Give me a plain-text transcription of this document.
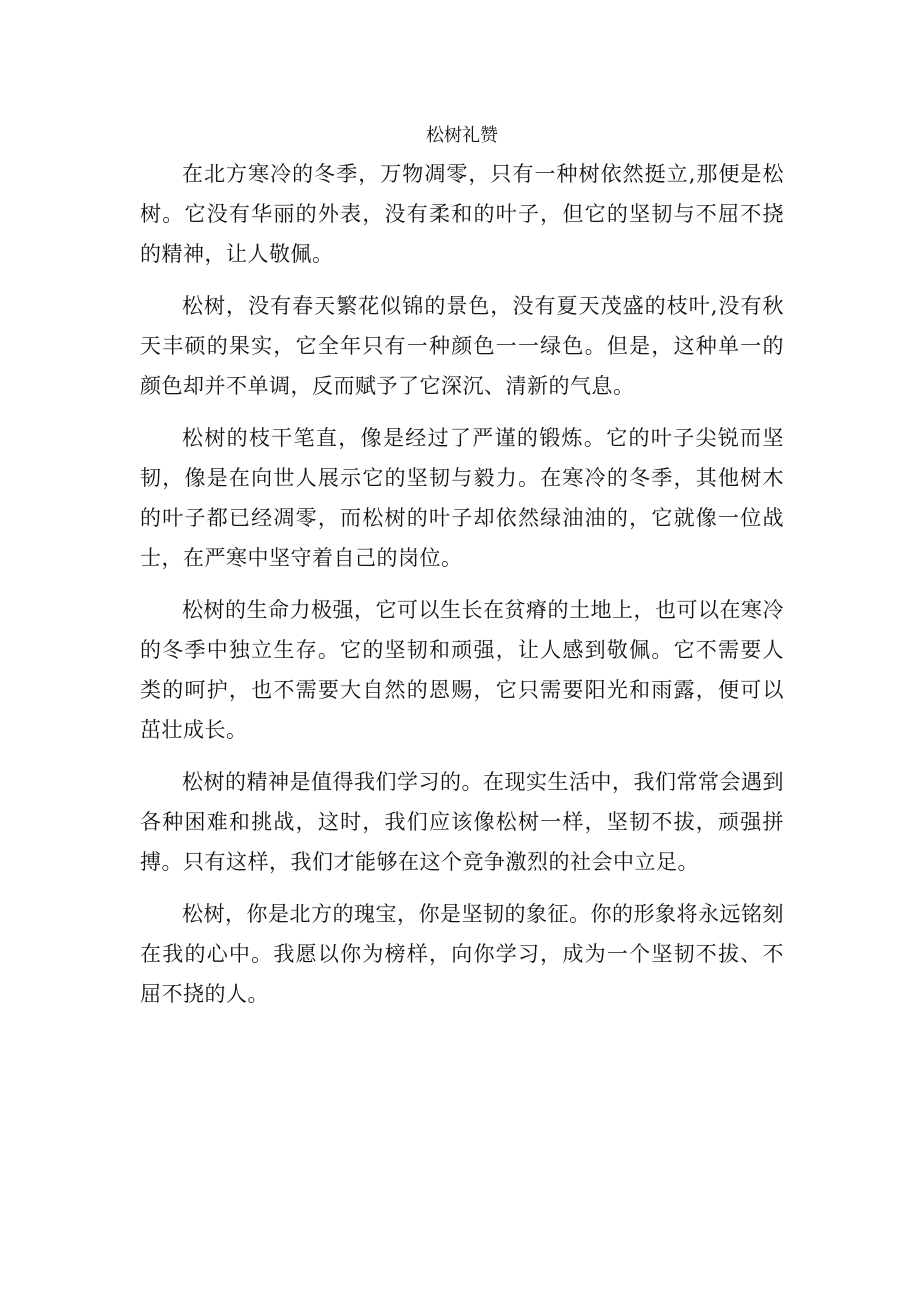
松树礼赞

在北方寒冷的冬季，万物凋零，只有一种树依然挺立,那便是松树。它没有华丽的外表，没有柔和的叶子，但它的坚韧与不屈不挠的精神，让人敬佩。

松树，没有春天繁花似锦的景色，没有夏天茂盛的枝叶,没有秋天丰硕的果实，它全年只有一种颜色一一绿色。但是，这种单一的颜色却并不单调，反而赋予了它深沉、清新的气息。

松树的枝干笔直，像是经过了严谨的锻炼。它的叶子尖锐而坚韧，像是在向世人展示它的坚韧与毅力。在寒冷的冬季，其他树木的叶子都已经凋零，而松树的叶子却依然绿油油的，它就像一位战士，在严寒中坚守着自己的岗位。

松树的生命力极强，它可以生长在贫瘠的土地上，也可以在寒冷的冬季中独立生存。它的坚韧和顽强，让人感到敬佩。它不需要人类的呵护，也不需要大自然的恩赐，它只需要阳光和雨露，便可以茁壮成长。

松树的精神是值得我们学习的。在现实生活中，我们常常会遇到各种困难和挑战，这时，我们应该像松树一样，坚韧不拔，顽强拼搏。只有这样，我们才能够在这个竞争激烈的社会中立足。

松树，你是北方的瑰宝，你是坚韧的象征。你的形象将永远铭刻在我的心中。我愿以你为榜样，向你学习，成为一个坚韧不拔、不屈不挠的人。
